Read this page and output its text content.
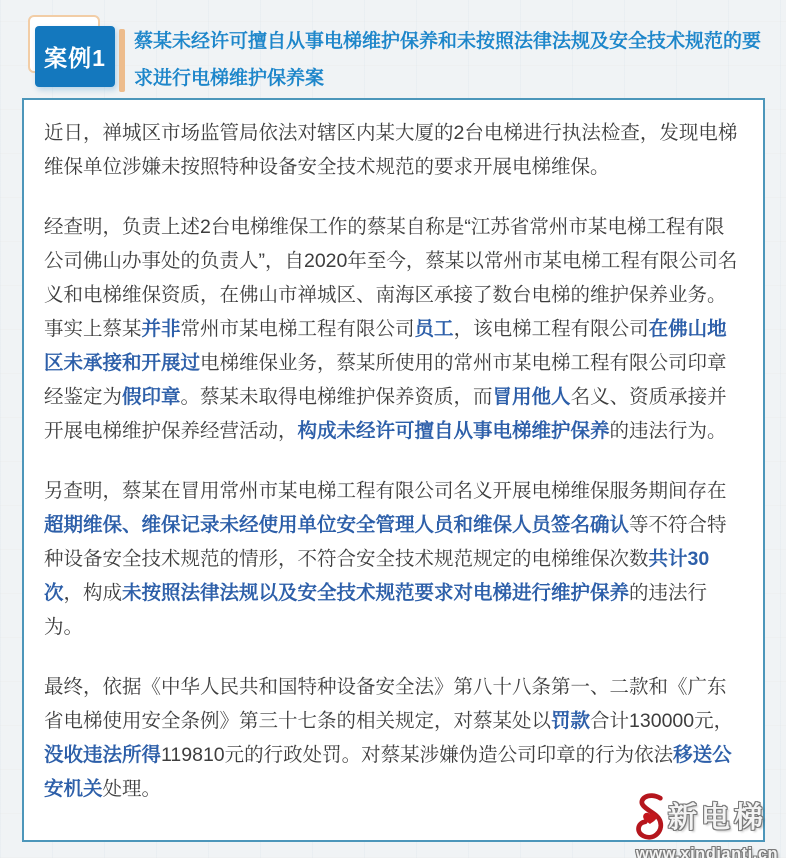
案例1
蔡某未经许可擅自从事电梯维护保养和未按照法律法规及安全技术规范的要求进行电梯维护保养案

近日，禅城区市场监管局依法对辖区内某大厦的2台电梯进行执法检查，发现电梯维保单位涉嫌未按照特种设备安全技术规范的要求开展电梯维保。

经查明，负责上述2台电梯维保工作的蔡某自称是“江苏省常州市某电梯工程有限公司佛山办事处的负责人”，自2020年至今，蔡某以常州市某电梯工程有限公司名义和电梯维保资质，在佛山市禅城区、南海区承接了数台电梯的维护保养业务。事实上蔡某并非常州市某电梯工程有限公司员工，该电梯工程有限公司在佛山地区未承接和开展过电梯维保业务，蔡某所使用的常州市某电梯工程有限公司印章经鉴定为假印章。蔡某未取得电梯维护保养资质，而冒用他人名义、资质承接并开展电梯维护保养经营活动，构成未经许可擅自从事电梯维护保养的违法行为。

另查明，蔡某在冒用常州市某电梯工程有限公司名义开展电梯维保服务期间存在超期维保、维保记录未经使用单位安全管理人员和维保人员签名确认等不符合特种设备安全技术规范的情形，不符合安全技术规范规定的电梯维保次数共计30次，构成未按照法律法规以及安全技术规范要求对电梯进行维护保养的违法行为。

最终，依据《中华人民共和国特种设备安全法》第八十八条第一、二款和《广东省电梯使用安全条例》第三十七条的相关规定，对蔡某处以罚款合计130000元，没收违法所得119810元的行政处罚。对蔡某涉嫌伪造公司印章的行为依法移送公安机关处理。

新电梯
www.xindianti.cn
